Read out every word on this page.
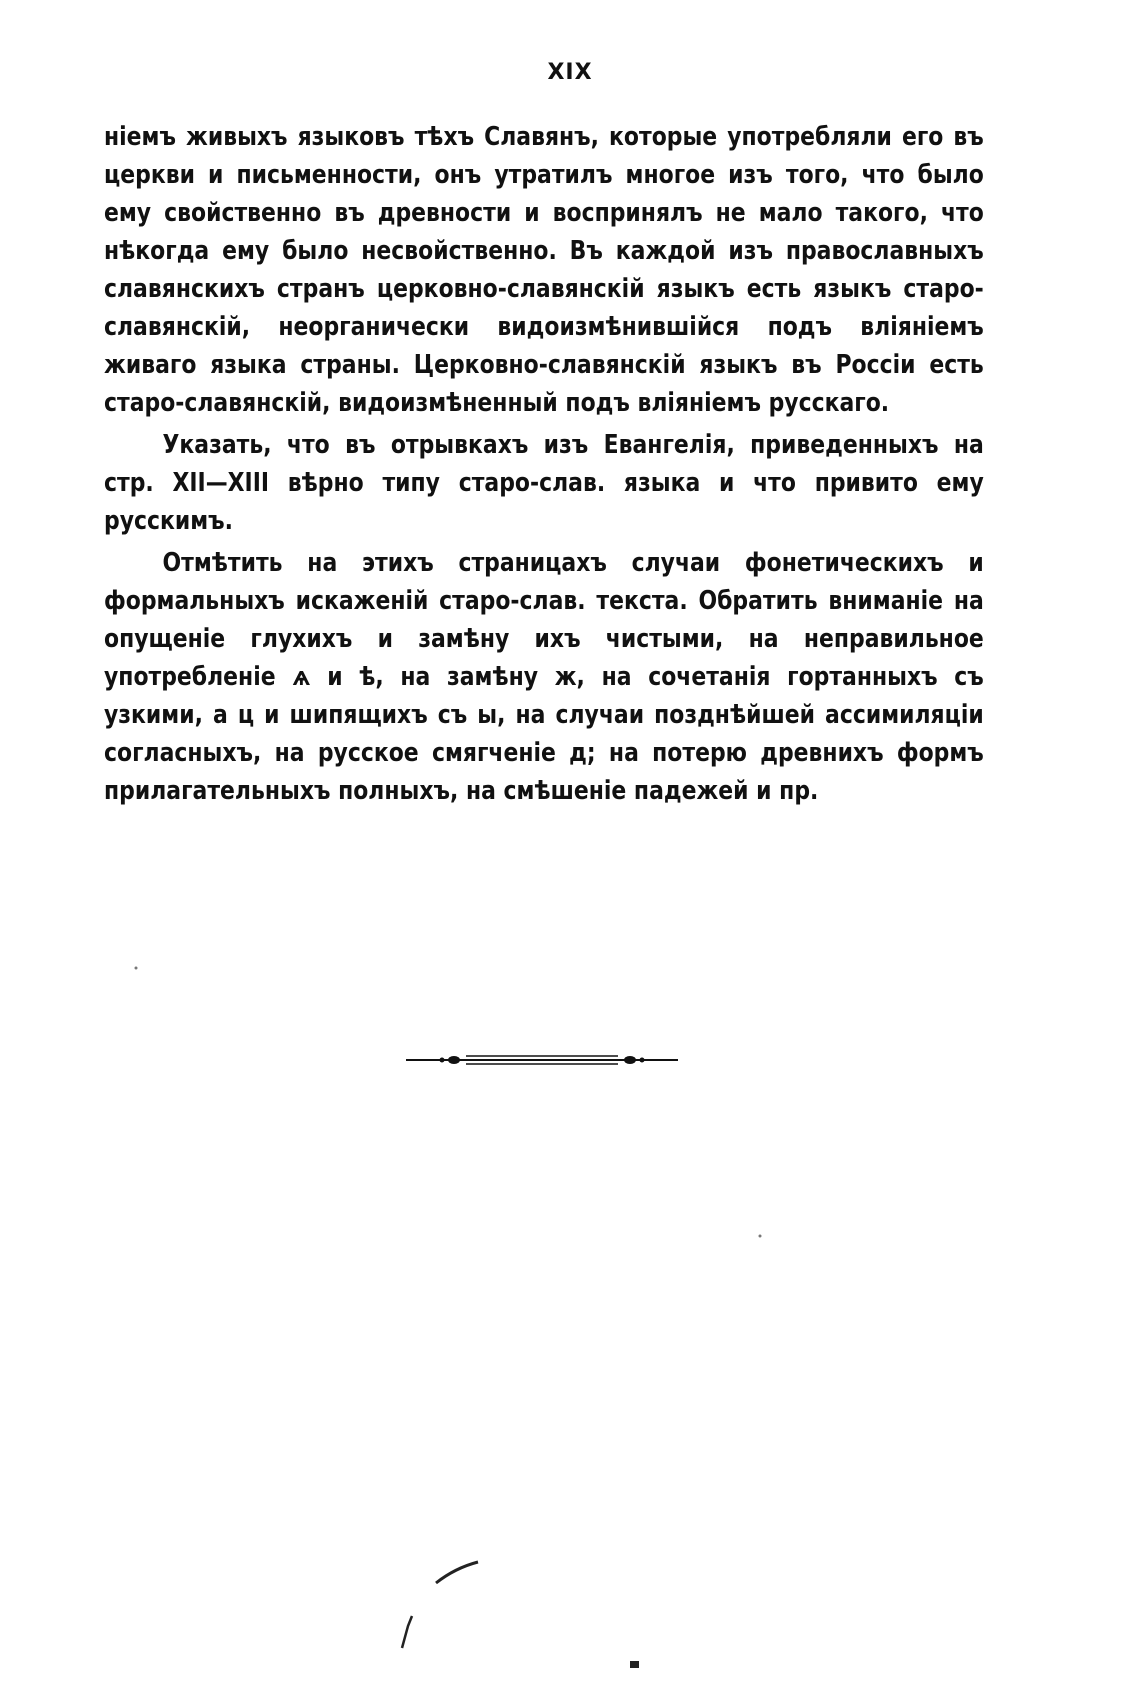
XIX

ніемъ живыхъ языковъ тѣхъ Славянъ, которые употребляли его въ церкви и письменности, онъ утратилъ многое изъ того, что было ему свойственно въ древности и воспринялъ не мало такого, что нѣкогда ему было несвойственно. Въ каждой изъ православныхъ славянскихъ странъ церковно-славянскій языкъ есть языкъ старо-славянскій, неорганически видоизмѣнившійся подъ вліяніемъ живаго языка страны. Церковно-славянскій языкъ въ Россіи есть старо-славянскій, видоизмѣненный подъ вліяніемъ русскаго.

Указать, что въ отрывкахъ изъ Евангелія, приведенныхъ на стр. XII—XIII вѣрно типу старо-слав. языка и что привито ему русскимъ.

Отмѣтить на этихъ страницахъ случаи фонетическихъ и формальныхъ искаженій старо-слав. текста. Обратить вниманіе на опущеніе глухихъ и замѣну ихъ чистыми, на неправильное употребленіе ѧ и ѣ, на замѣну ж, на сочетанія гортанныхъ съ узкими, а ц и шипящихъ съ ы, на случаи позднѣйшей ассимиляціи согласныхъ, на русское смягченіе д; на потерю древнихъ формъ прилагательныхъ полныхъ, на смѣшеніе падежей и пр.
